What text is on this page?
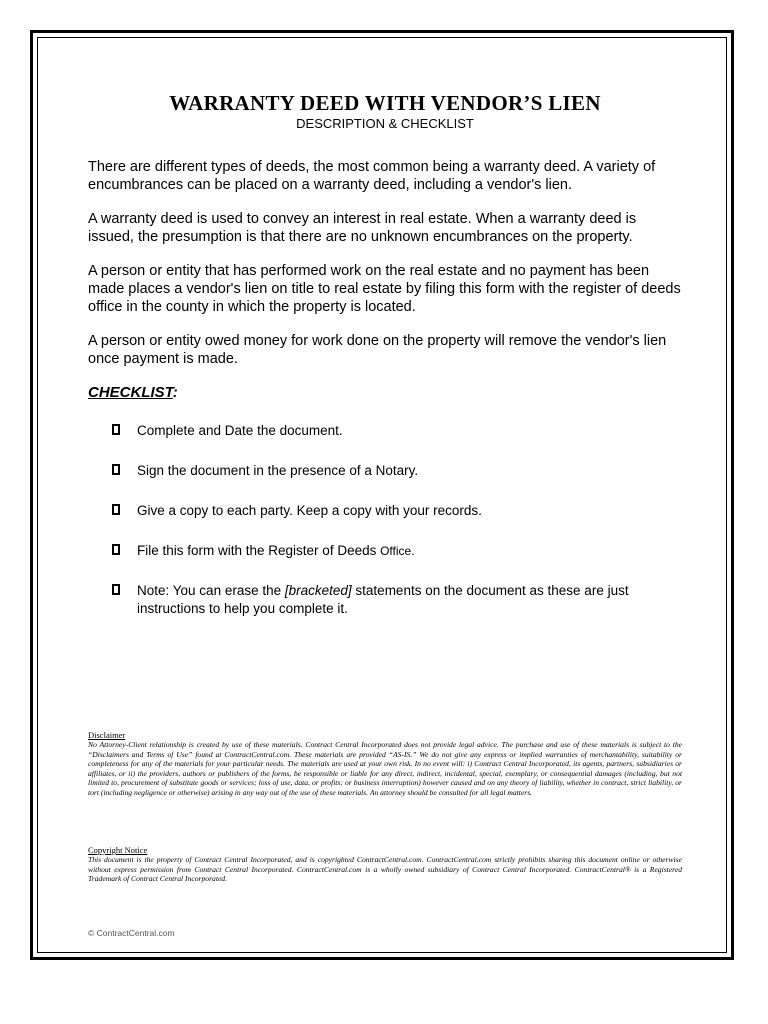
WARRANTY DEED WITH VENDOR’S LIEN

DESCRIPTION & CHECKLIST

There are different types of deeds, the most common being a warranty deed. A variety of encumbrances can be placed on a warranty deed, including a vendor's lien.

A warranty deed is used to convey an interest in real estate. When a warranty deed is issued, the presumption is that there are no unknown encumbrances on the property.

A person or entity that has performed work on the real estate and no payment has been made places a vendor's lien on title to real estate by filing this form with the register of deeds office in the county in which the property is located.

A person or entity owed money for work done on the property will remove the vendor's lien once payment is made.

CHECKLIST:

Complete and Date the document.
Sign the document in the presence of a Notary.
Give a copy to each party. Keep a copy with your records.
File this form with the Register of Deeds Office.
Note: You can erase the [bracketed] statements on the document as these are just instructions to help you complete it.

Disclaimer

No Attorney-Client relationship is created by use of these materials. Contract Central Incorporated does not provide legal advice. The purchase and use of these materials is subject to the “Disclaimers and Terms of Use” found at ContractCentral.com. These materials are provided “AS-IS.” We do not give any express or implied warranties of merchantability, suitability or completeness for any of the materials for your particular needs. The materials are used at your own risk. In no event will: i) Contract Central Incorporated, its agents, partners, subsidiaries or affiliates, or ii) the providers, authors or publishers of the forms, be responsible or liable for any direct, indirect, incidental, special, exemplary, or consequential damages (including, but not limited to, procurement of substitute goods or services; loss of use, data, or profits; or business interruption) however caused and on any theory of liability, whether in contract, strict liability, or tort (including negligence or otherwise) arising in any way out of the use of these materials. An attorney should be consulted for all legal matters.

Copyright Notice

This document is the property of Contract Central Incorporated, and is copyrighted ContractCentral.com. ContractCentral.com strictly prohibits sharing this document online or otherwise without express permission from Contract Central Incorporated. ContractCentral.com is a wholly owned subsidiary of Contract Central Incorporated. ContractCentral® is a Registered Trademark of Contract Central Incorporated.

© ContractCentral.com
